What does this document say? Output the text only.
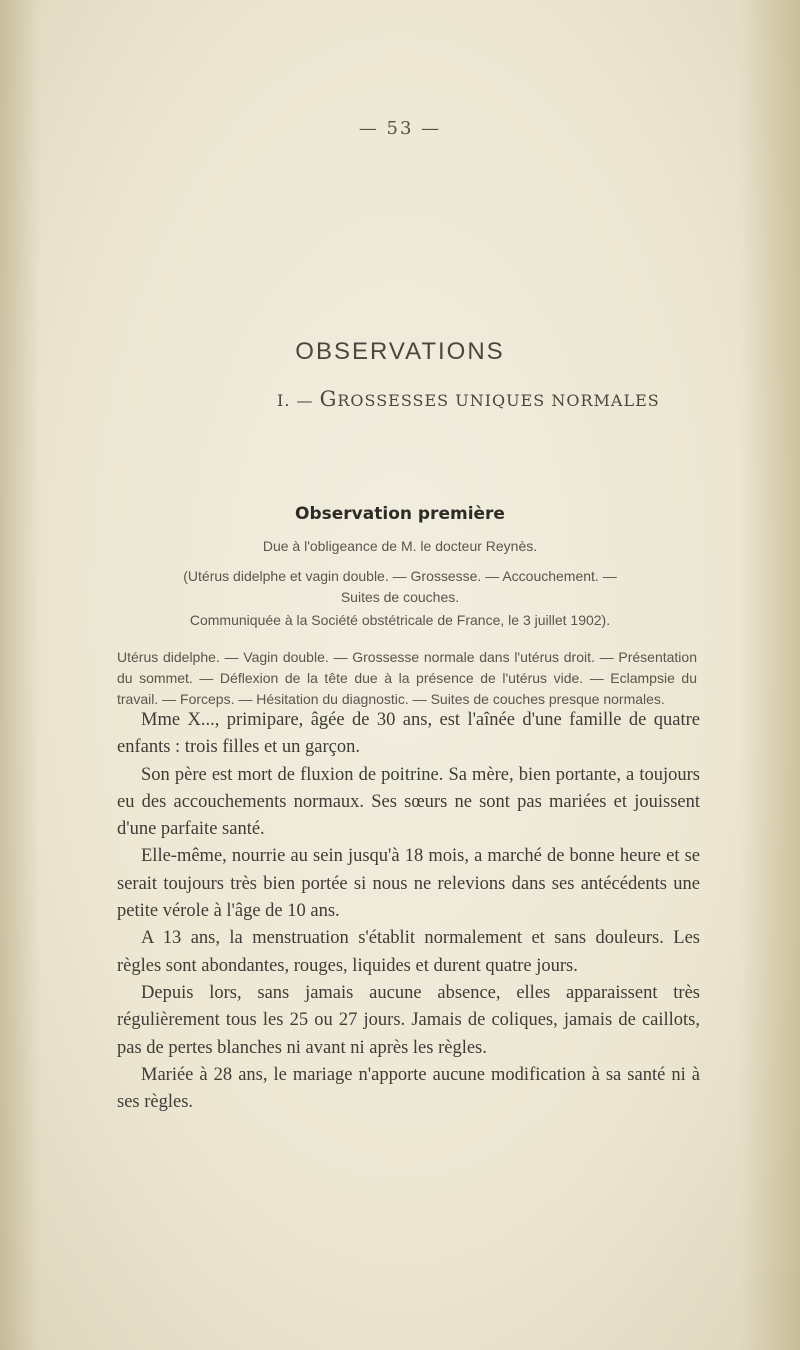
— 53 —
OBSERVATIONS
I. — GROSSESSES UNIQUES NORMALES
Observation première
Due à l'obligeance de M. le docteur Reynès.
(Utérus didelphe et vagin double. — Grossesse. — Accouchement. —
Suites de couches.
Communiquée à la Société obstétricale de France, le 3 juillet 1902).
Utérus didelphe. — Vagin double. — Grossesse normale dans l'utérus droit. — Présentation du sommet. — Déflexion de la tête due à la présence de l'utérus vide. — Eclampsie du travail. — Forceps. — Hésitation du diagnostic. — Suites de couches presque normales.

Mme X..., primipare, âgée de 30 ans, est l'aînée d'une famille de quatre enfants : trois filles et un garçon.

Son père est mort de fluxion de poitrine. Sa mère, bien portante, a toujours eu des accouchements normaux. Ses sœurs ne sont pas mariées et jouissent d'une parfaite santé.

Elle-même, nourrie au sein jusqu'à 18 mois, a marché de bonne heure et se serait toujours très bien portée si nous ne relevions dans ses antécédents une petite vérole à l'âge de 10 ans.

A 13 ans, la menstruation s'établit normalement et sans douleurs. Les règles sont abondantes, rouges, liquides et durent quatre jours.

Depuis lors, sans jamais aucune absence, elles apparaissent très régulièrement tous les 25 ou 27 jours. Jamais de coliques, jamais de caillots, pas de pertes blanches ni avant ni après les règles.

Mariée à 28 ans, le mariage n'apporte aucune modification à sa santé ni à ses règles.
